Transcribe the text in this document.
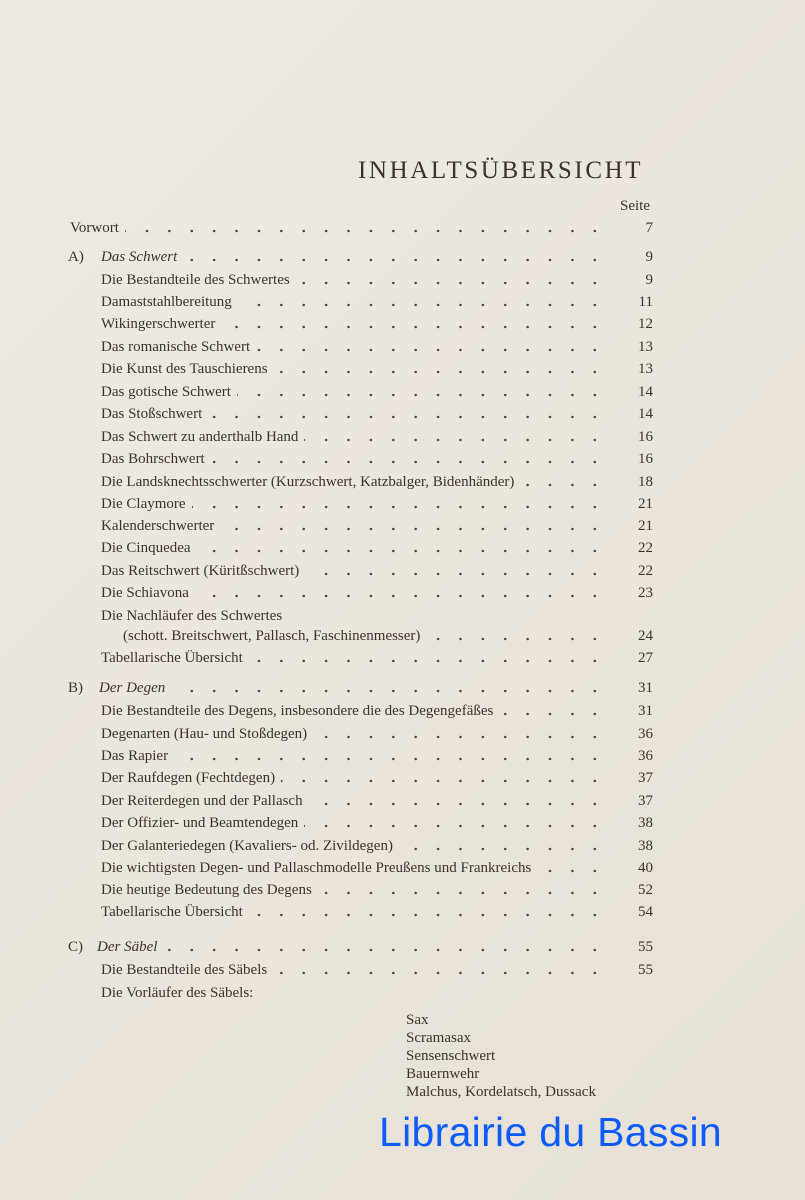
INHALTSÜBERSICHT
Seite
Vorwort	7
A) Das Schwert	9
Die Bestandteile des Schwertes	9
Damaststahlbereitung	11
Wikingerschwerter	12
Das romanische Schwert	13
Die Kunst des Tauschierens	13
Das gotische Schwert	14
Das Stoßschwert	14
Das Schwert zu anderthalb Hand	16
Das Bohrschwert	16
Die Landsknechtsschwerter (Kurzschwert, Katzbalger, Bidenhänder)	18
Die Claymore	21
Kalenderschwerter	21
Die Cinquedea	22
Das Reitschwert (Küritßschwert)	22
Die Schiavona	23
Die Nachläufer des Schwertes
(schott. Breitschwert, Pallasch, Faschinenmesser)	24
Tabellarische Übersicht	27
B) Der Degen	31
Die Bestandteile des Degens, insbesondere die des Degengefäßes	31
Degenarten (Hau- und Stoßdegen)	36
Das Rapier	36
Der Raufdegen (Fechtdegen)	37
Der Reiterdegen und der Pallasch	37
Der Offizier- und Beamtendegen	38
Der Galanteriedegen (Kavaliers- od. Zivildegen)	38
Die wichtigsten Degen- und Pallaschmodelle Preußens und Frankreichs	40
Die heutige Bedeutung des Degens	52
Tabellarische Übersicht	54
C) Der Säbel	55
Die Bestandteile des Säbels	55
Die Vorläufer des Säbels:
Sax
Scramasax
Sensenschwert
Bauernwehr
Malchus, Kordelatsch, Dussack
Librairie du Bassin
